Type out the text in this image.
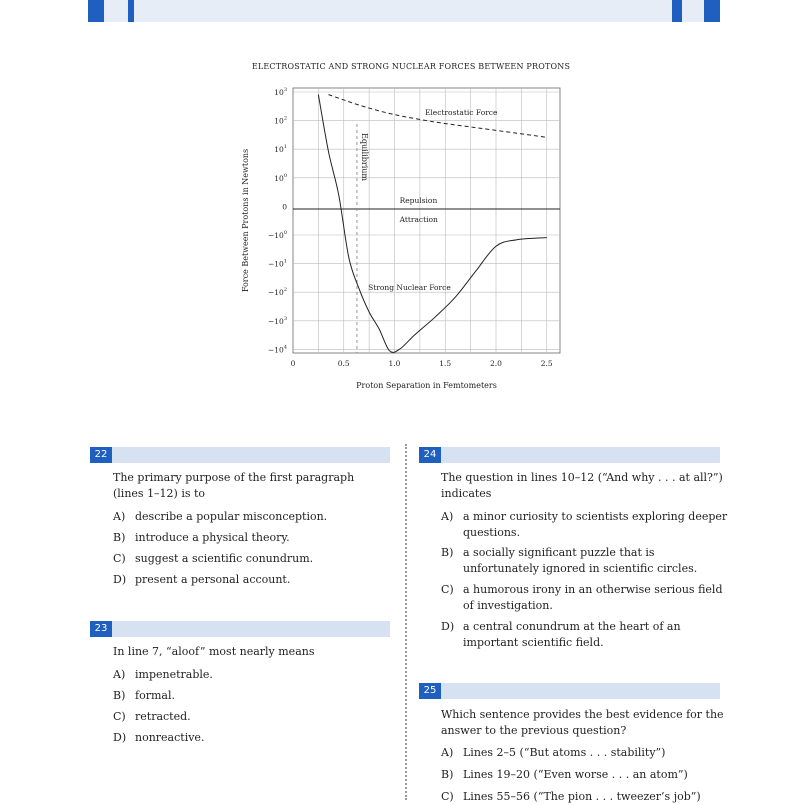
ELECTROSTATIC AND STRONG NUCLEAR FORCES BETWEEN PROTONS
$10^3$
$10^2$
$10^1$
$10^0$
0
$-10^0$
$-10^1$
$-10^2$
$-10^3$
$-10^4$
0	0.5	1.0	1.5	2.0	2.5
Proton Separation in Femtometers
Force Between Protons in Newtons	Equilibrium
Electrostatic Force
Repulsion
Attraction
Strong Nuclear Force
22
The primary purpose of the first paragraph
(lines 1–12) is to
A) describe a popular misconception.
B) introduce a physical theory.
C) suggest a scientific conundrum.
D) present a personal account.
23
In line 7, “aloof” most nearly means
A) impenetrable.
B) formal.
C) retracted.
D) nonreactive.
24
The question in lines 10–12 (“And why . . . at all?”)
indicates
A) a minor curiosity to scientists exploring deeper
questions.
B) a socially significant puzzle that is
unfortunately ignored in scientific circles.
C) a humorous irony in an otherwise serious field
of investigation.
D) a central conundrum at the heart of an
important scientific field.
25
Which sentence provides the best evidence for the
answer to the previous question?
A) Lines 2–5 (“But atoms . . . stability”)
B) Lines 19–20 (“Even worse . . . an atom”)
C) Lines 55–56 (“The pion . . . tweezer’s job”)
